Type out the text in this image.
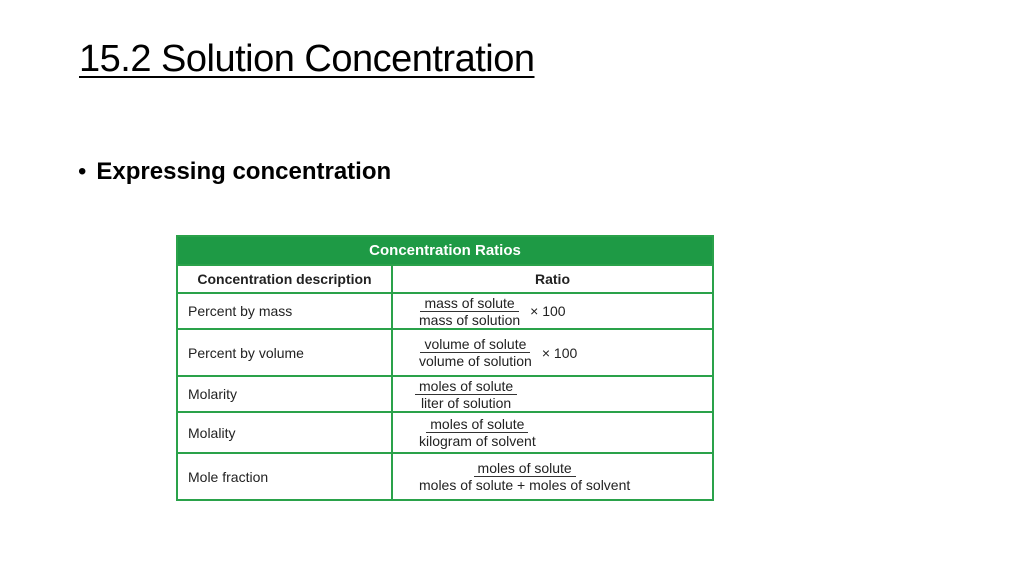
15.2 Solution Concentration
• Expressing concentration
Concentration Ratios
Concentration description	Ratio
Percent by mass	$\frac{\text{mass of solute}}{\text{mass of solution}} \times 100$
Percent by volume	$\frac{\text{volume of solute}}{\text{volume of solution}} \times 100$
Molarity	$\frac{\text{moles of solute}}{\text{liter of solution}}$
Molality	$\frac{\text{moles of solute}}{\text{kilogram of solvent}}$
Mole fraction	$\frac{\text{moles of solute}}{\text{moles of solute + moles of solvent}}$
